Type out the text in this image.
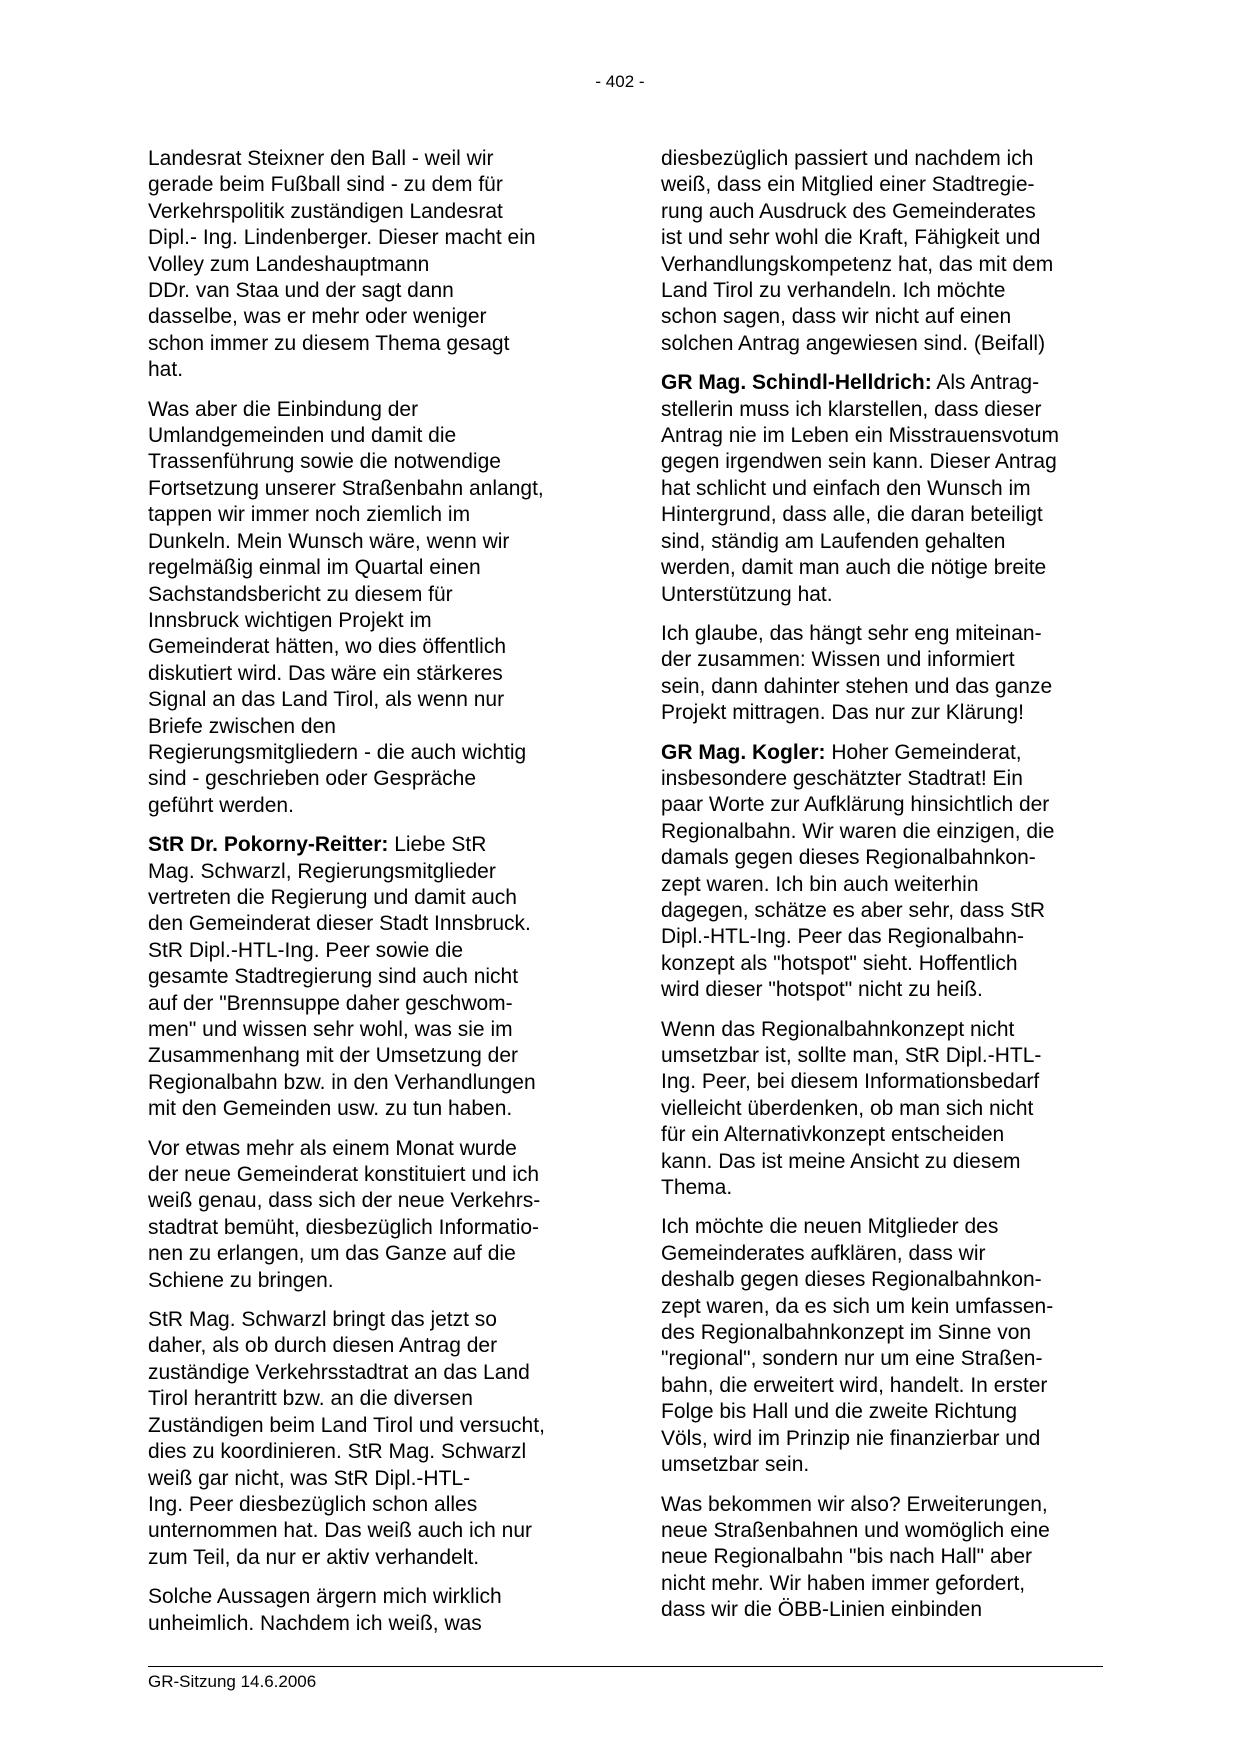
- 402 -

Landesrat Steixner den Ball - weil wir
gerade beim Fußball sind - zu dem für
Verkehrspolitik zuständigen Landesrat
Dipl.- Ing. Lindenberger. Dieser macht ein
Volley zum Landeshauptmann
DDr. van Staa und der sagt dann
dasselbe, was er mehr oder weniger
schon immer zu diesem Thema gesagt
hat.

Was aber die Einbindung der
Umlandgemeinden und damit die
Trassenführung sowie die notwendige
Fortsetzung unserer Straßenbahn anlangt,
tappen wir immer noch ziemlich im
Dunkeln. Mein Wunsch wäre, wenn wir
regelmäßig einmal im Quartal einen
Sachstandsbericht zu diesem für
Innsbruck wichtigen Projekt im
Gemeinderat hätten, wo dies öffentlich
diskutiert wird. Das wäre ein stärkeres
Signal an das Land Tirol, als wenn nur
Briefe zwischen den
Regierungsmitgliedern - die auch wichtig
sind - geschrieben oder Gespräche
geführt werden.

StR Dr. Pokorny-Reitter: Liebe StR
Mag. Schwarzl, Regierungsmitglieder
vertreten die Regierung und damit auch
den Gemeinderat dieser Stadt Innsbruck.
StR Dipl.-HTL-Ing. Peer sowie die
gesamte Stadtregierung sind auch nicht
auf der "Brennsuppe daher geschwom-
men" und wissen sehr wohl, was sie im
Zusammenhang mit der Umsetzung der
Regionalbahn bzw. in den Verhandlungen
mit den Gemeinden usw. zu tun haben.

Vor etwas mehr als einem Monat wurde
der neue Gemeinderat konstituiert und ich
weiß genau, dass sich der neue Verkehrs-
stadtrat bemüht, diesbezüglich Informatio-
nen zu erlangen, um das Ganze auf die
Schiene zu bringen.

StR Mag. Schwarzl bringt das jetzt so
daher, als ob durch diesen Antrag der
zuständige Verkehrsstadtrat an das Land
Tirol herantritt bzw. an die diversen
Zuständigen beim Land Tirol und versucht,
dies zu koordinieren. StR Mag. Schwarzl
weiß gar nicht, was StR Dipl.-HTL-
Ing. Peer diesbezüglich schon alles
unternommen hat. Das weiß auch ich nur
zum Teil, da nur er aktiv verhandelt.

Solche Aussagen ärgern mich wirklich
unheimlich. Nachdem ich weiß, was

diesbezüglich passiert und nachdem ich
weiß, dass ein Mitglied einer Stadtregie-
rung auch Ausdruck des Gemeinderates
ist und sehr wohl die Kraft, Fähigkeit und
Verhandlungskompetenz hat, das mit dem
Land Tirol zu verhandeln. Ich möchte
schon sagen, dass wir nicht auf einen
solchen Antrag angewiesen sind. (Beifall)

GR Mag. Schindl-Helldrich: Als Antrag-
stellerin muss ich klarstellen, dass dieser
Antrag nie im Leben ein Misstrauensvotum
gegen irgendwen sein kann. Dieser Antrag
hat schlicht und einfach den Wunsch im
Hintergrund, dass alle, die daran beteiligt
sind, ständig am Laufenden gehalten
werden, damit man auch die nötige breite
Unterstützung hat.

Ich glaube, das hängt sehr eng miteinan-
der zusammen: Wissen und informiert
sein, dann dahinter stehen und das ganze
Projekt mittragen. Das nur zur Klärung!

GR Mag. Kogler: Hoher Gemeinderat,
insbesondere geschätzter Stadtrat! Ein
paar Worte zur Aufklärung hinsichtlich der
Regionalbahn. Wir waren die einzigen, die
damals gegen dieses Regionalbahnkon-
zept waren. Ich bin auch weiterhin
dagegen, schätze es aber sehr, dass StR
Dipl.-HTL-Ing. Peer das Regionalbahn-
konzept als "hotspot" sieht. Hoffentlich
wird dieser "hotspot" nicht zu heiß.

Wenn das Regionalbahnkonzept nicht
umsetzbar ist, sollte man, StR Dipl.-HTL-
Ing. Peer, bei diesem Informationsbedarf
vielleicht überdenken, ob man sich nicht
für ein Alternativkonzept entscheiden
kann. Das ist meine Ansicht zu diesem
Thema.

Ich möchte die neuen Mitglieder des
Gemeinderates aufklären, dass wir
deshalb gegen dieses Regionalbahnkon-
zept waren, da es sich um kein umfassen-
des Regionalbahnkonzept im Sinne von
"regional", sondern nur um eine Straßen-
bahn, die erweitert wird, handelt. In erster
Folge bis Hall und die zweite Richtung
Völs, wird im Prinzip nie finanzierbar und
umsetzbar sein.

Was bekommen wir also? Erweiterungen,
neue Straßenbahnen und womöglich eine
neue Regionalbahn "bis nach Hall" aber
nicht mehr. Wir haben immer gefordert,
dass wir die ÖBB-Linien einbinden

GR-Sitzung 14.6.2006
